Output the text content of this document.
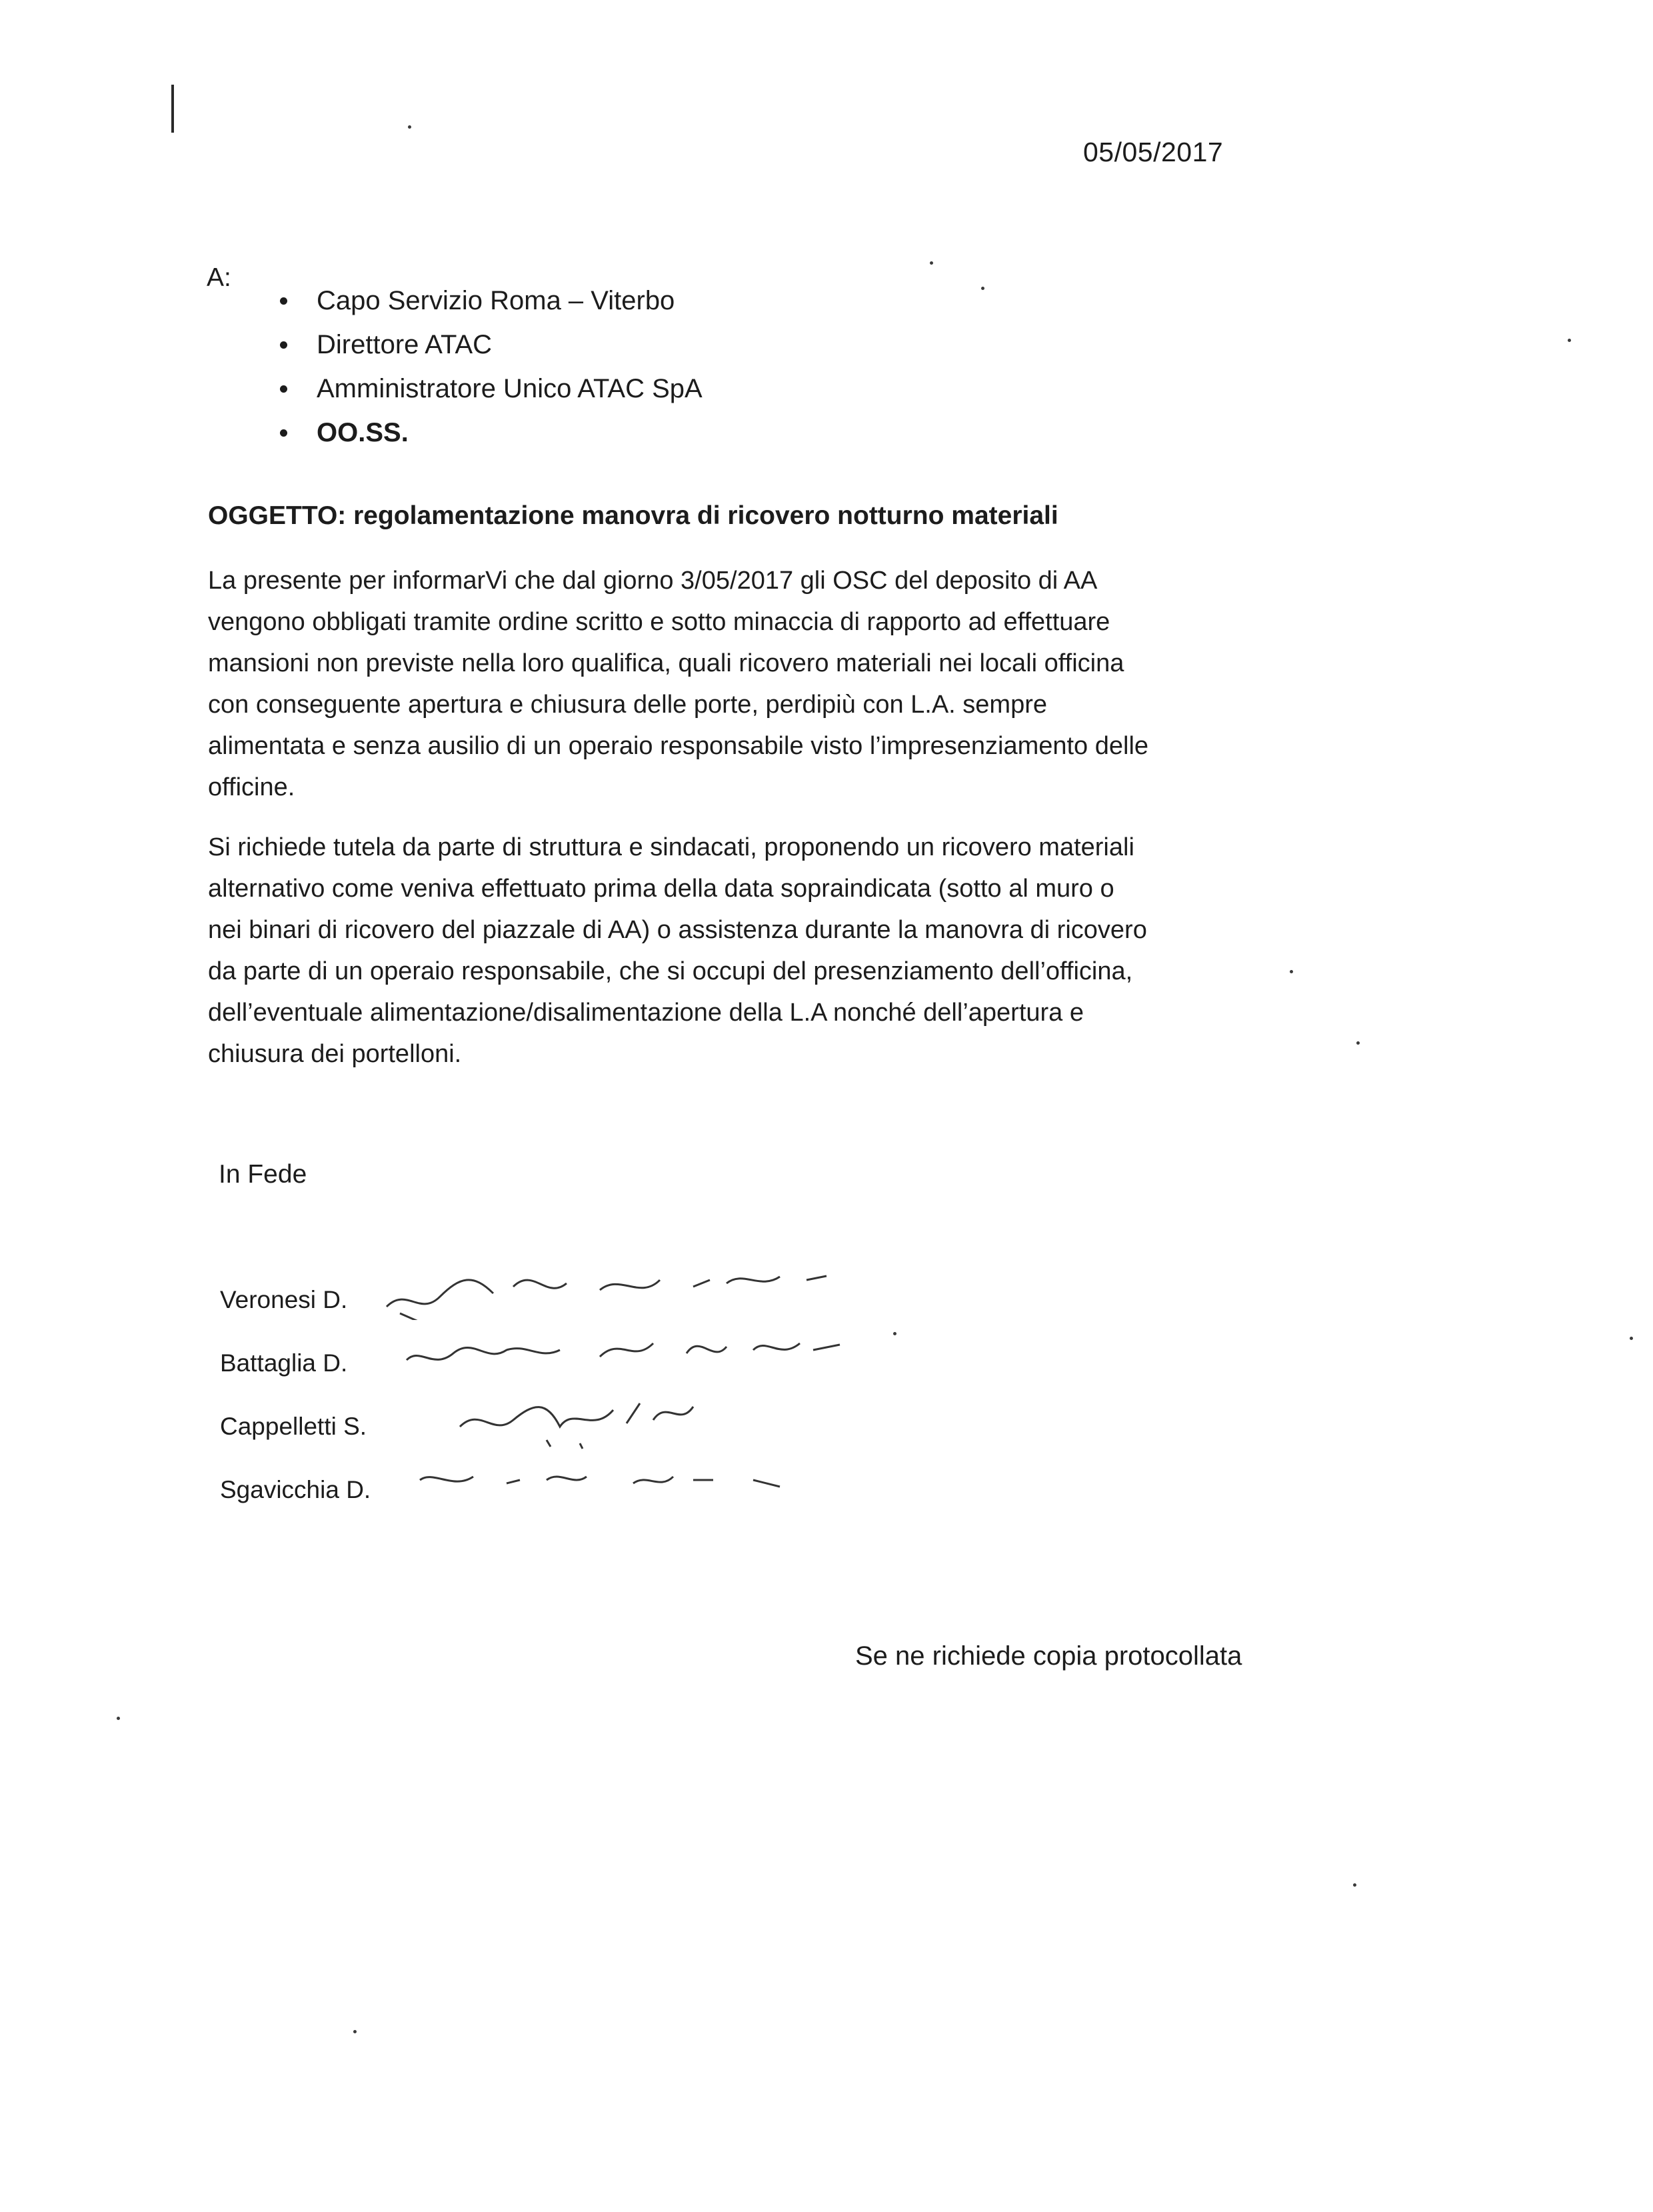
05/05/2017
A:
Capo Servizio Roma – Viterbo
Direttore ATAC
Amministratore Unico ATAC SpA
OO.SS.
OGGETTO: regolamentazione manovra di ricovero notturno materiali

La presente per informarVi che dal giorno 3/05/2017 gli OSC del deposito di AA
vengono obbligati tramite ordine scritto e sotto minaccia di rapporto ad effettuare
mansioni non previste nella loro qualifica, quali ricovero materiali nei locali officina
con conseguente apertura e chiusura delle porte, perdipiù con L.A. sempre
alimentata e senza ausilio di un operaio responsabile visto l’impresenziamento delle
officine.

Si richiede tutela da parte di struttura e sindacati, proponendo un ricovero materiali
alternativo come veniva effettuato prima della data sopraindicata (sotto al muro o
nei binari di ricovero del piazzale di AA) o assistenza durante la manovra di ricovero
da parte di un operaio responsabile, che si occupi del presenziamento dell’officina,
dell’eventuale alimentazione/disalimentazione della L.A nonché dell’apertura e
chiusura dei portelloni.

In Fede
Veronesi D.
Battaglia D.
Cappelletti S.
Sgavicchia D.
Se ne richiede copia protocollata
